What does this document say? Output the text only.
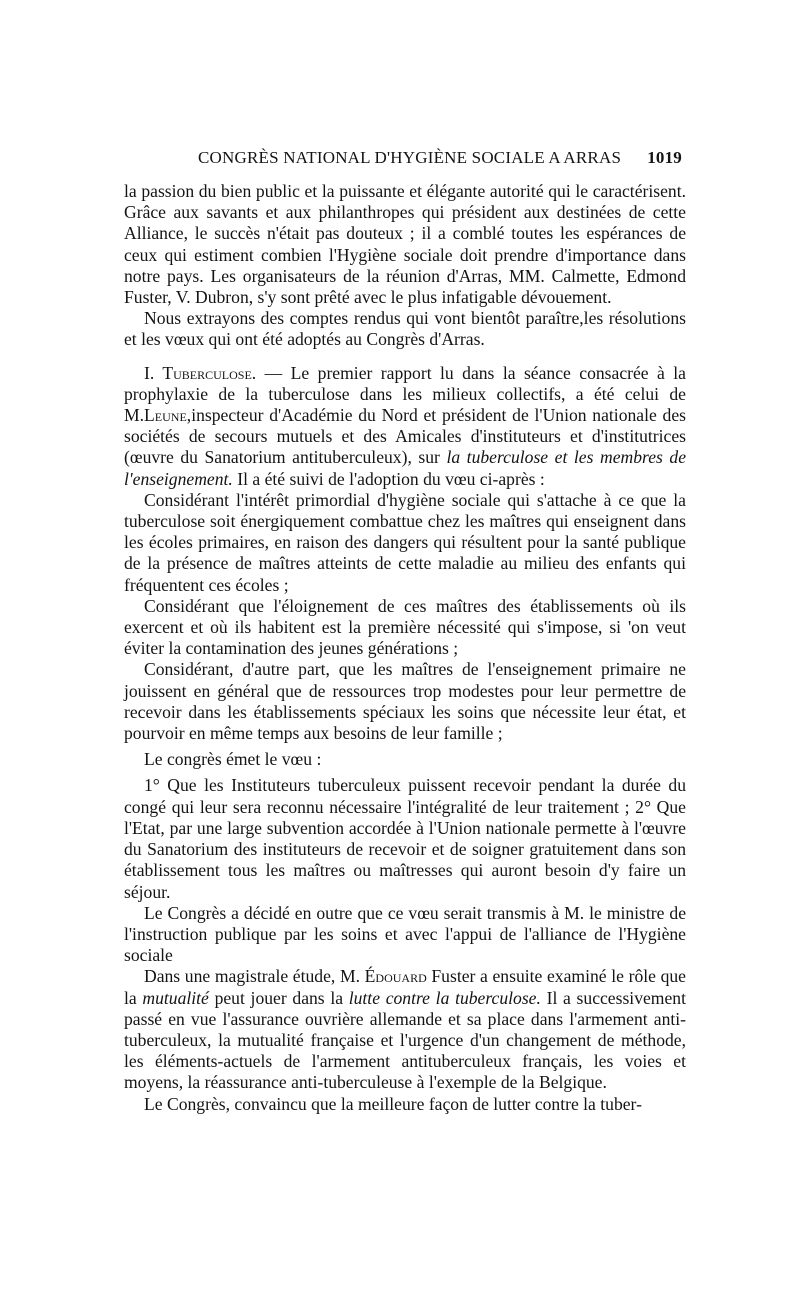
CONGRÈS NATIONAL D'HYGIÈNE SOCIALE A ARRAS 1019

la passion du bien public et la puissante et élégante autorité qui le caractérisent. Grâce aux savants et aux philanthropes qui président aux destinées de cette Alliance, le succès n'était pas douteux ; il a comblé toutes les espérances de ceux qui estiment combien l'Hygiène sociale doit prendre d'importance dans notre pays. Les organisateurs de la réunion d'Arras, MM. Calmette, Edmond Fuster, V. Dubron, s'y sont prêté avec le plus infatigable dévouement.

Nous extrayons des comptes rendus qui vont bientôt paraître,les résolutions et les vœux qui ont été adoptés au Congrès d'Arras.

I. Tuberculose. — Le premier rapport lu dans la séance consacrée à la prophylaxie de la tuberculose dans les milieux collectifs, a été celui de M.Leune,inspecteur d'Académie du Nord et président de l'Union nationale des sociétés de secours mutuels et des Amicales d'instituteurs et d'institutrices (œuvre du Sanatorium antituberculeux), sur la tuberculose et les membres de l'enseignement. Il a été suivi de l'adoption du vœu ci-après :

Considérant l'intérêt primordial d'hygiène sociale qui s'attache à ce que la tuberculose soit énergiquement combattue chez les maîtres qui enseignent dans les écoles primaires, en raison des dangers qui résultent pour la santé publique de la présence de maîtres atteints de cette maladie au milieu des enfants qui fréquentent ces écoles ;

Considérant que l'éloignement de ces maîtres des établissements où ils exercent et où ils habitent est la première nécessité qui s'impose, si 'on veut éviter la contamination des jeunes générations ;

Considérant, d'autre part, que les maîtres de l'enseignement primaire ne jouissent en général que de ressources trop modestes pour leur permettre de recevoir dans les établissements spéciaux les soins que nécessite leur état, et pourvoir en même temps aux besoins de leur famille ;

Le congrès émet le vœu :

1° Que les Instituteurs tuberculeux puissent recevoir pendant la durée du congé qui leur sera reconnu nécessaire l'intégralité de leur traitement ; 2° Que l'Etat, par une large subvention accordée à l'Union nationale permette à l'œuvre du Sanatorium des instituteurs de recevoir et de soigner gratuitement dans son établissement tous les maîtres ou maîtresses qui auront besoin d'y faire un séjour.

Le Congrès a décidé en outre que ce vœu serait transmis à M. le ministre de l'instruction publique par les soins et avec l'appui de l'alliance de l'Hygiène sociale

Dans une magistrale étude, M. Édouard Fuster a ensuite examiné le rôle que la mutualité peut jouer dans la lutte contre la tuberculose. Il a successivement passé en vue l'assurance ouvrière allemande et sa place dans l'armement anti-tuberculeux, la mutualité française et l'urgence d'un changement de méthode, les éléments-actuels de l'armement antituberculeux français, les voies et moyens, la réassurance anti-tuberculeuse à l'exemple de la Belgique.

Le Congrès, convaincu que la meilleure façon de lutter contre la tuber-
